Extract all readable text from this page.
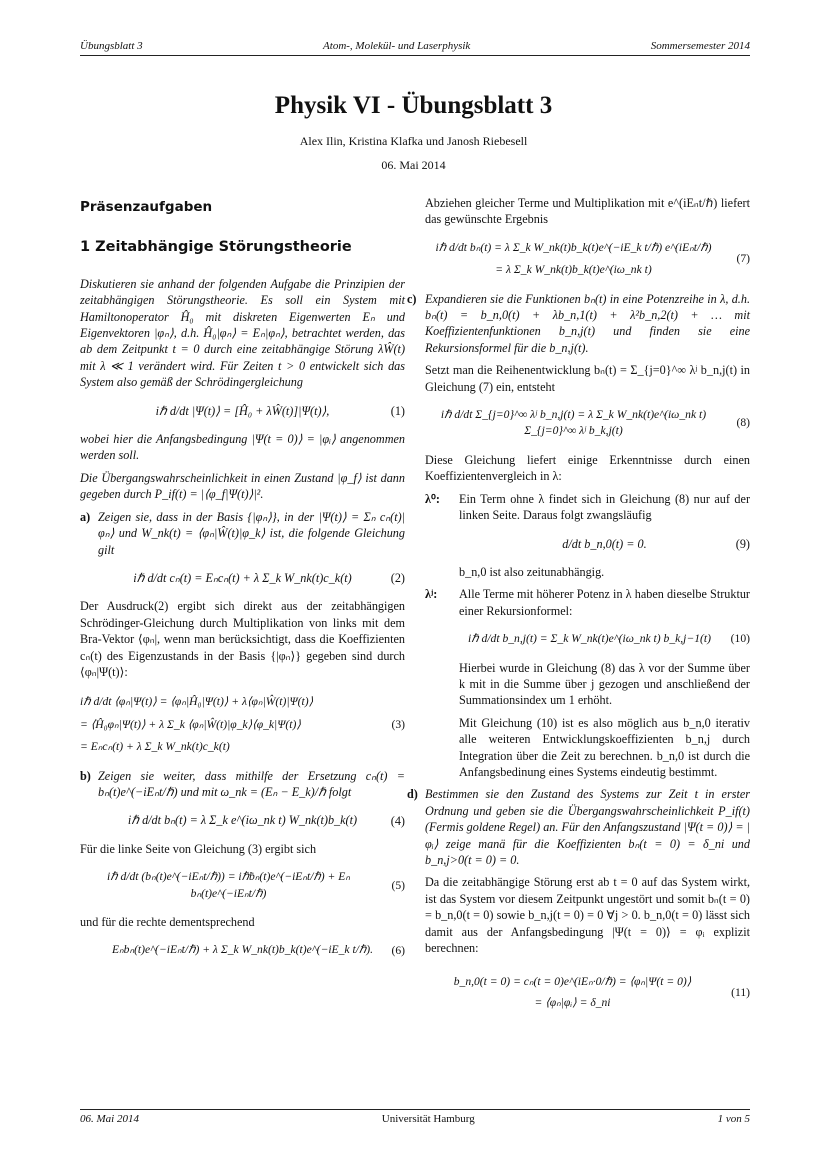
Übungsblatt 3	Atom-, Molekül- und Laserphysik	Sommersemester 2014
Physik VI - Übungsblatt 3
Alex Ilin, Kristina Klafka und Janosh Riebesell
06. Mai 2014
Präsenzaufgaben
1 Zeitabhängige Störungstheorie

Diskutieren sie anhand der folgenden Aufgabe die Prinzipien der zeitabhängigen Störungstheorie. Es soll ein System mit Hamiltonoperator Ĥ₀ mit diskreten Eigenwerten Eₙ und Eigenvektoren |φₙ⟩, d.h. Ĥ₀|φₙ⟩ = Eₙ|φₙ⟩, betrachtet werden, das ab dem Zeitpunkt t = 0 durch eine zeitabhängige Störung λŴ(t) mit λ ≪ 1 verändert wird. Für Zeiten t > 0 entwickelt sich das System also gemäß der Schrödingergleichung

iℏ d/dt |Ψ(t)⟩ = [Ĥ₀ + λŴ(t)]|Ψ(t)⟩,	(1)

wobei hier die Anfangsbedingung |Ψ(t = 0)⟩ = |φᵢ⟩ angenommen werden soll.

Die Übergangswahrscheinlichkeit in einen Zustand |φ_f⟩ ist dann gegeben durch P_if(t) = |⟨φ_f|Ψ(t)⟩|².

a) Zeigen sie, dass in der Basis {|φₙ⟩}, in der |Ψ(t)⟩ = Σₙ cₙ(t)|φₙ⟩ und W_nk(t) = ⟨φₙ|Ŵ(t)|φ_k⟩ ist, die folgende Gleichung gilt

iℏ d/dt cₙ(t) = Eₙcₙ(t) + λ Σ_k W_nk(t)c_k(t)	(2)

Der Ausdruck(2) ergibt sich direkt aus der zeitabhängigen Schrödinger-Gleichung durch Multiplikation von links mit dem Bra-Vektor ⟨φₙ|, wenn man berücksichtigt, dass die Koeffizienten cₙ(t) des Eigenzustands in der Basis {|φₙ⟩} gegeben sind durch ⟨φₙ|Ψ(t)⟩:

iℏ d/dt ⟨φₙ|Ψ(t)⟩ = ⟨φₙ|Ĥ₀|Ψ(t)⟩ + λ⟨φₙ|Ŵ(t)|Ψ(t)⟩
= ⟨Ĥ₀φₙ|Ψ(t)⟩ + λ Σ_k ⟨φₙ|Ŵ(t)|φ_k⟩⟨φ_k|Ψ(t)⟩
= Eₙcₙ(t) + λ Σ_k W_nk(t)c_k(t)
(3)
b) Zeigen sie weiter, dass mithilfe der Ersetzung cₙ(t) = bₙ(t)e^(−iEₙt/ℏ) und mit ω_nk = (Eₙ − E_k)/ℏ folgt

iℏ d/dt bₙ(t) = λ Σ_k e^(iω_nk t) W_nk(t)b_k(t)	(4)

Für die linke Seite von Gleichung (3) ergibt sich

iℏ d/dt (bₙ(t)e^(−iEₙt/ℏ)) = iℏḃₙ(t)e^(−iEₙt/ℏ) + Eₙ bₙ(t)e^(−iEₙt/ℏ)
(5)

und für die rechte dementsprechend

Eₙbₙ(t)e^(−iEₙt/ℏ) + λ Σ_k W_nk(t)b_k(t)e^(−iE_k t/ℏ). (6)

Abziehen gleicher Terme und Multiplikation mit e^(iEₙt/ℏ) liefert das gewünschte Ergebnis

iℏ d/dt bₙ(t) = λ Σ_k W_nk(t)b_k(t)e^(−iE_k t/ℏ) e^(iEₙt/ℏ)
= λ Σ_k W_nk(t)b_k(t)e^(iω_nk t)
(7)
c) Expandieren sie die Funktionen bₙ(t) in eine Potenzreihe in λ, d.h. bₙ(t) = b_n,0(t) + λb_n,1(t) + λ²b_n,2(t) + … mit Koeffizientenfunktionen b_n,j(t) und finden sie eine Rekursionsformel für die b_n,j(t).

Setzt man die Reihenentwicklung bₙ(t) = Σ_{j=0}^∞ λʲ b_n,j(t) in Gleichung (7) ein, entsteht

iℏ d/dt Σ_{j=0}^∞ λʲ b_n,j(t) = λ Σ_k W_nk(t)e^(iω_nk t) Σ_{j=0}^∞ λʲ b_k,j(t)
(8)

Diese Gleichung liefert einige Erkenntnisse durch einen Koeffizientenvergleich in λ:

λ⁰: Ein Term ohne λ findet sich in Gleichung (8) nur auf der linken Seite. Daraus folgt zwangsläufig

d/dt b_n,0(t) = 0.	(9)

b_n,0 ist also zeitunabhängig.

λʲ: Alle Terme mit höherer Potenz in λ haben dieselbe Struktur einer Rekursionformel:

iℏ d/dt b_n,j(t) = Σ_k W_nk(t)e^(iω_nk t) b_k,j−1(t) (10)

Hierbei wurde in Gleichung (8) das λ vor der Summe über k mit in die Summe über j gezogen und anschließend der Summationsindex um 1 erhöht.

Mit Gleichung (10) ist es also möglich aus b_n,0 iterativ alle weiteren Entwicklungskoeffizienten b_n,j durch Integration über die Zeit zu berechnen. b_n,0 ist durch die Anfangsbedinung eines Systems eindeutig bestimmt.

d) Bestimmen sie den Zustand des Systems zur Zeit t in erster Ordnung und geben sie die Übergangswahrscheinlichkeit P_if(t) (Fermis goldene Regel) an. Für den Anfangszustand |Ψ(t = 0)⟩ = |φᵢ⟩ zeige manä für die Koeffizienten bₙ(t = 0) = δ_ni und b_n,j>0(t = 0) = 0.

Da die zeitabhängige Störung erst ab t = 0 auf das System wirkt, ist das System vor diesem Zeitpunkt ungestört und somit bₙ(t = 0) = b_n,0(t = 0) sowie b_n,j(t = 0) = 0 ∀j > 0. b_n,0(t = 0) lässt sich damit aus der Anfangsbedingung |Ψ(t = 0)⟩ = φᵢ explizit berechnen:

b_n,0(t = 0) = cₙ(t = 0)e^(iEₙ·0/ℏ) = ⟨φₙ|Ψ(t = 0)⟩
= ⟨φₙ|φᵢ⟩ = δ_ni
(11)
06. Mai 2014	Universität Hamburg	1 von 5
